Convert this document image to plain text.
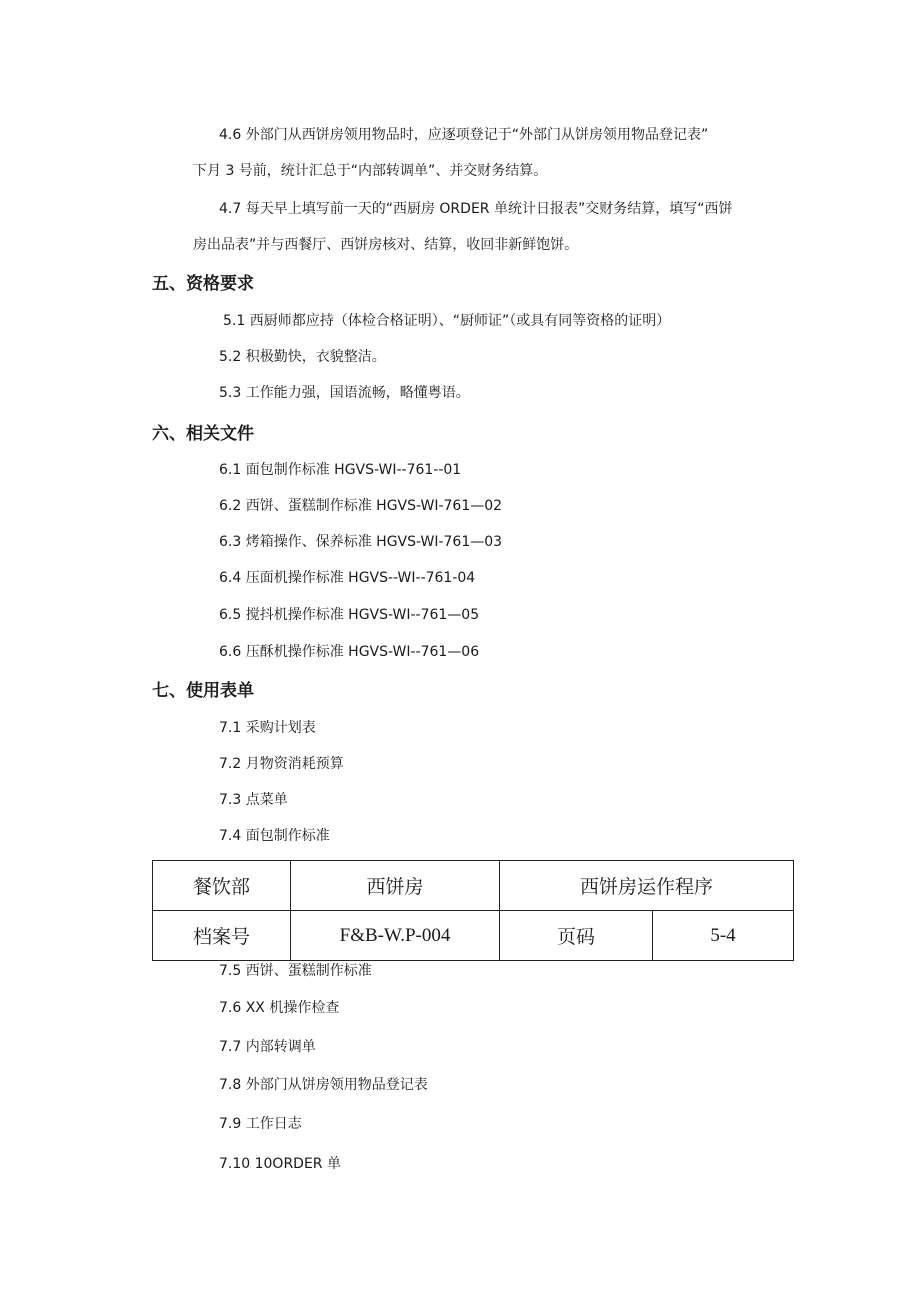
4.6 外部门从西饼房领用物品时，应逐项登记于“外部门从饼房领用物品登记表”
下月 3 号前，统计汇总于“内部转调单”、并交财务结算。
4.7 每天早上填写前一天的“西厨房 ORDER 单统计日报表”交财务结算，填写“西饼
房出品表”并与西餐厅、西饼房核对、结算，收回非新鲜饱饼。
五、资格要求
5.1 西厨师都应持（体检合格证明）、“厨师证”（或具有同等资格的证明）
5.2 积极勤快，衣貌整洁。
5.3 工作能力强，国语流畅，略懂粤语。
六、相关文件
6.1 面包制作标准 HGVS-WI--761--01
6.2 西饼、蛋糕制作标准 HGVS-WI-761—02
6.3 烤箱操作、保养标准 HGVS-WI-761—03
6.4 压面机操作标准 HGVS--WI--761-04
6.5 搅抖机操作标准 HGVS-WI--761—05
6.6 压酥机操作标准 HGVS-WI--761—06
七、使用表单
7.1 采购计划表
7.2 月物资消耗预算
7.3 点菜单
7.4 面包制作标准
餐饮部	西饼房	西饼房运作程序	
档案号	F&B-W.P-004	页码	5-4
7.5 西饼、蛋糕制作标准
7.6 XX 机操作检查
7.7 内部转调单
7.8 外部门从饼房领用物品登记表
7.9 工作日志
7.10 10ORDER 单
